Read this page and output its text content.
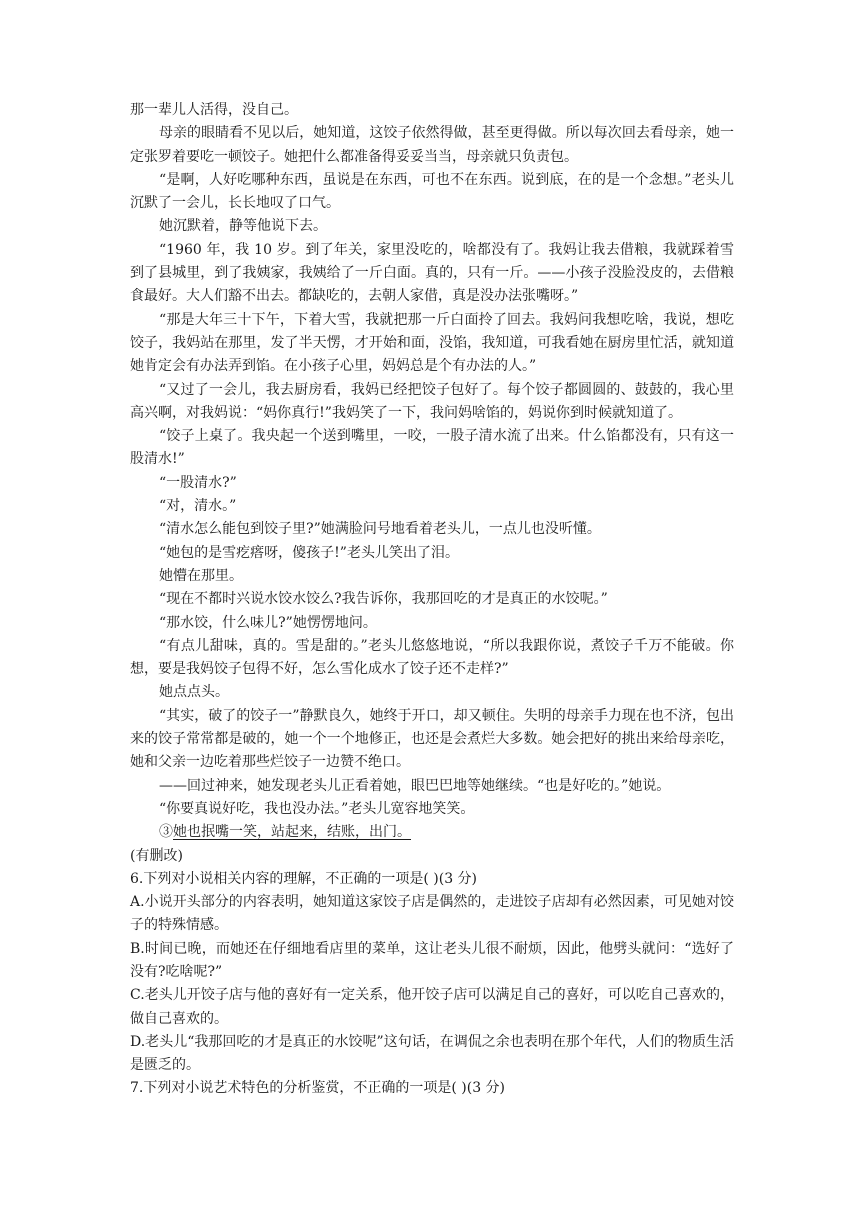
那一辈儿人活得，没自己。

母亲的眼睛看不见以后，她知道，这饺子依然得做，甚至更得做。所以每次回去看母亲，她一定张罗着要吃一顿饺子。她把什么都准备得妥妥当当，母亲就只负责包。

“是啊，人好吃哪种东西，虽说是在东西，可也不在东西。说到底，在的是一个念想。”老头儿沉默了一会儿，长长地叹了口气。

她沉默着，静等他说下去。

“1960 年，我 10 岁。到了年关，家里没吃的，啥都没有了。我妈让我去借粮，我就踩着雪到了县城里，到了我姨家，我姨给了一斤白面。真的，只有一斤。——小孩子没脸没皮的，去借粮食最好。大人们豁不出去。都缺吃的，去朝人家借，真是没办法张嘴呀。”

“那是大年三十下午，下着大雪，我就把那一斤白面拎了回去。我妈问我想吃啥，我说，想吃饺子，我妈站在那里，发了半天愣，才开始和面，没馅，我知道，可我看她在厨房里忙活，就知道她肯定会有办法弄到馅。在小孩子心里，妈妈总是个有办法的人。”

“又过了一会儿，我去厨房看，我妈已经把饺子包好了。每个饺子都圆圆的、鼓鼓的，我心里高兴啊，对我妈说：“妈你真行!”我妈笑了一下，我问妈啥馅的，妈说你到时候就知道了。

“饺子上桌了。我央起一个送到嘴里，一咬，一股子清水流了出来。什么馅都没有，只有这一股清水!”

“一股清水?”

“对，清水。”

“清水怎么能包到饺子里?”她满脸问号地看着老头儿，一点儿也没听懂。

“她包的是雪疙瘩呀，傻孩子!”老头儿笑出了泪。

她懵在那里。

“现在不都时兴说水饺水饺么?我告诉你，我那回吃的才是真正的水饺呢。”

“那水饺，什么味儿?”她愣愣地问。

“有点儿甜味，真的。雪是甜的。”老头儿悠悠地说，“所以我跟你说，煮饺子千万不能破。你想，要是我妈饺子包得不好，怎么雪化成水了饺子还不走样?”

她点点头。

“其实，破了的饺子一”静默良久，她终于开口，却又顿住。失明的母亲手力现在也不济，包出来的饺子常常都是破的，她一个一个地修正，也还是会煮烂大多数。她会把好的挑出来给母亲吃，她和父亲一边吃着那些烂饺子一边赞不绝口。

——回过神来，她发现老头儿正看着她，眼巴巴地等她继续。“也是好吃的。”她说。

“你要真说好吃，我也没办法。”老头儿宽容地笑笑。

③她也抿嘴一笑，站起来，结账，出门。

(有删改)

6.下列对小说相关内容的理解，不正确的一项是( )(3 分)

A.小说开头部分的内容表明，她知道这家饺子店是偶然的，走进饺子店却有必然因素，可见她对饺子的特殊情感。

B.时间已晚，而她还在仔细地看店里的菜单，这让老头儿很不耐烦，因此，他劈头就问：“选好了没有?吃啥呢?”

C.老头儿开饺子店与他的喜好有一定关系，他开饺子店可以满足自己的喜好，可以吃自己喜欢的，做自己喜欢的。

D.老头儿“我那回吃的才是真正的水饺呢”这句话，在调侃之余也表明在那个年代，人们的物质生活是匮乏的。

7.下列对小说艺术特色的分析鉴赏，不正确的一项是( )(3 分)
